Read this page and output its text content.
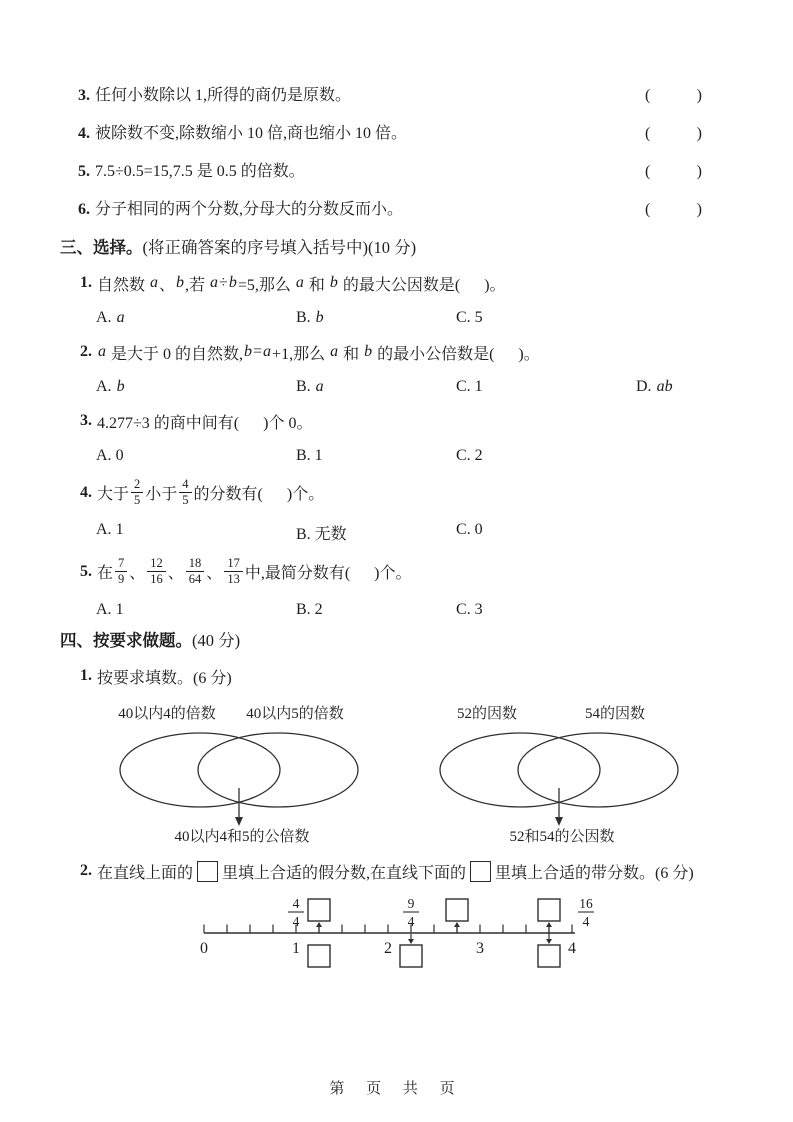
3. 任何小数除以 1,所得的商仍是原数。	(	)
4. 被除数不变,除数缩小 10 倍,商也缩小 10 倍。	(	)
5. 7.5÷0.5=15,7.5 是 0.5 的倍数。	(	)
6. 分子相同的两个分数,分母大的分数反而小。	(	)
三、选择。(将正确答案的序号填入括号中)(10 分)
1. 自然数 a 、 b ,若 a ÷ b =5,那么 a 和 b 的最大公因数是(      )。
A. a	B. b	C. 5
2. a 是大于 0 的自然数, b = a +1,那么 a 和 b 的最小公倍数是(      )。
A. b	B. a	C. 1	D. ab
3. 4.277÷3 的商中间有(      )个 0。
A. 0	B. 1	C. 2
4. 大于 $\frac{2}{5}$ 小于 $\frac{4}{5}$ 的分数有(      )个。
A. 1	B. 无数	C. 0
5. 在 $\frac{7}{9}$ 、 $\frac{12}{16}$ 、 $\frac{18}{64}$ 、 $\frac{17}{13}$ 中,最简分数有(      )个。
A. 1	B. 2	C. 3
四、按要求做题。(40 分)
1. 按要求填数。(6 分)
40以内4的倍数 40以内5的倍数
40以内4和5的公倍数
52的因数	54的因数
52和54的公因数
2. 在直线上面的 里填上合适的假分数,在直线下面的 里填上合适的带分数。(6 分)
0	1	2	3	4
4
4
9
4
16
4
第 页 共 页
